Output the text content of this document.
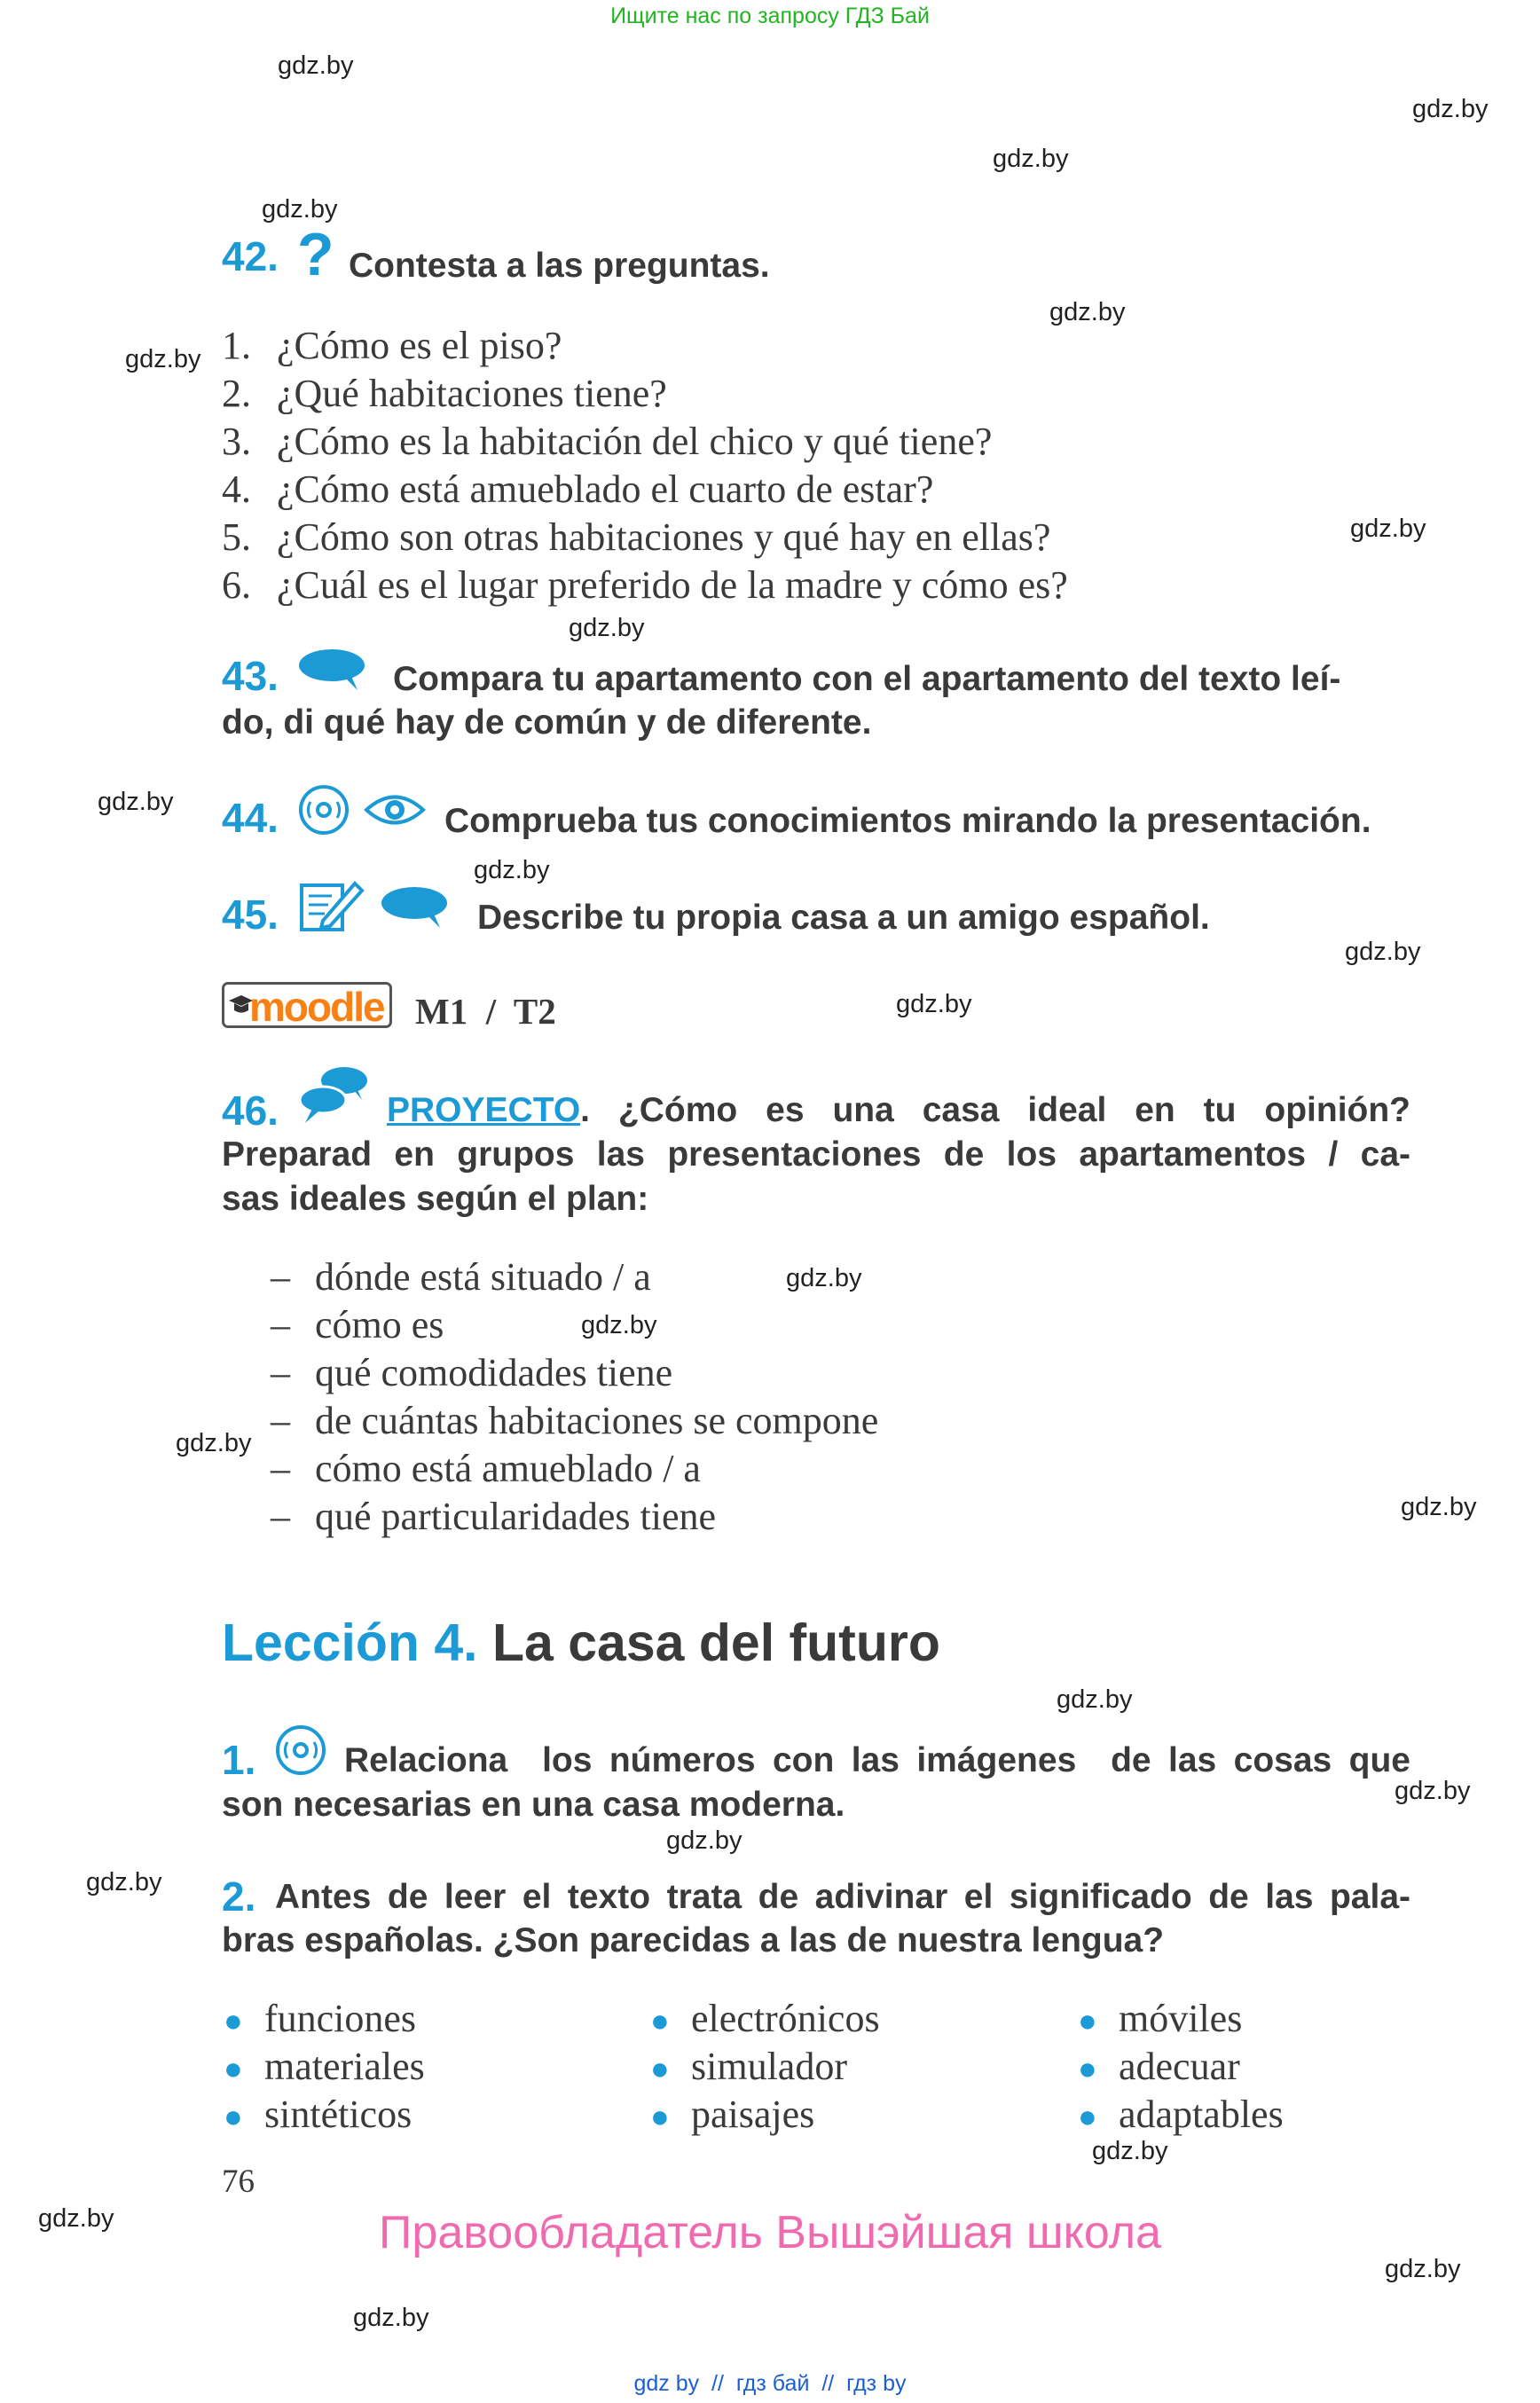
Ищите нас по запросу ГДЗ Бай
gdz.by
gdz.by
gdz.by
gdz.by
gdz.by
gdz.by
gdz.by
gdz.by
gdz.by
gdz.by
gdz.by
gdz.by
gdz.by
gdz.by
gdz.by
gdz.by
gdz.by
gdz.by
gdz.by
gdz.by
gdz.by
gdz.by
gdz.by
gdz.by
42. ? Contesta a las preguntas.
1. ¿Cómo es el piso?
2. ¿Qué habitaciones tiene?
3. ¿Cómo es la habitación del chico y qué tiene?
4. ¿Cómo está amueblado el cuarto de estar?
5. ¿Cómo son otras habitaciones y qué hay en ellas?
6. ¿Cuál es el lugar preferido de la madre y cómo es?
43.	Compara tu apartamento con el apartamento del texto leí-
do, di qué hay de común y de diferente.
44.	Comprueba tus conocimientos mirando la presentación.
45.	Describe tu propia casa a un amigo español.
moodle M1  /  T2
46.	PROYECTO. ¿Cómo es una casa ideal en tu opinión?
Preparad en grupos las presentaciones de los apartamentos / ca-
sas ideales según el plan:
– dónde está situado / a
– cómo es
– qué comodidades tiene
– de cuántas habitaciones se compone
– cómo está amueblado / a
– qué particularidades tiene
Lección 4. La casa del futuro
1.	Relaciona  los números con las imágenes  de las cosas que
son necesarias en una casa moderna.
2. Antes de leer el texto trata de adivinar el significado de las pala-
bras españolas. ¿Son parecidas a las de nuestra lengua?
● funciones
● materiales
● sintéticos
● electrónicos
● simulador
● paisajes
● móviles
● adecuar
● adaptables
76
Правообладатель Вышэйшая школа
gdz by  //  гдз бай  //  гдз by
